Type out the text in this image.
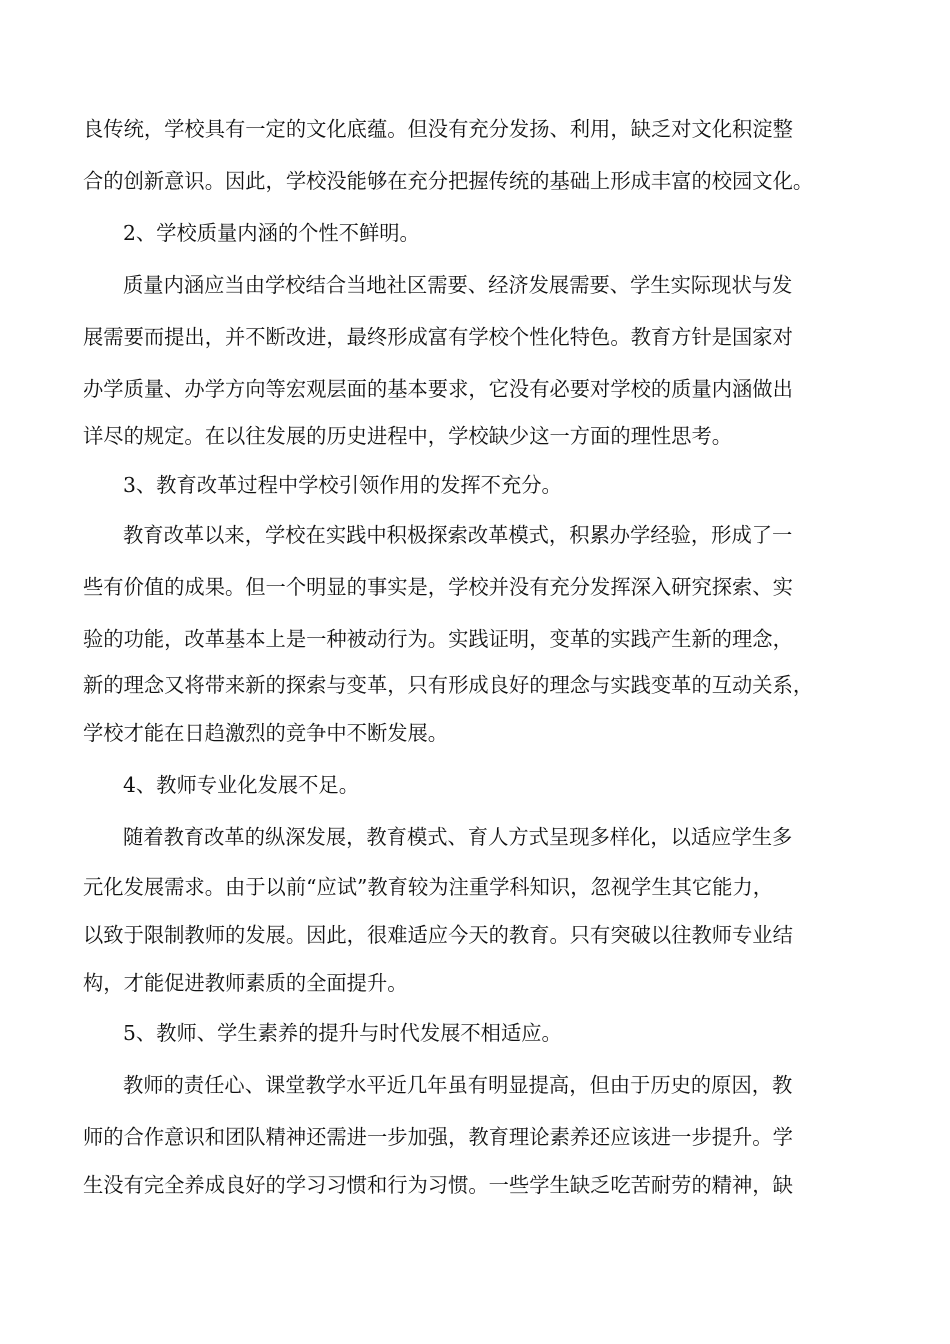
良传统，学校具有一定的文化底蕴。但没有充分发扬、利用，缺乏对文化积淀整
合的创新意识。因此，学校没能够在充分把握传统的基础上形成丰富的校园文化。
2、学校质量内涵的个性不鲜明。
质量内涵应当由学校结合当地社区需要、经济发展需要、学生实际现状与发
展需要而提出，并不断改进，最终形成富有学校个性化特色。教育方针是国家对
办学质量、办学方向等宏观层面的基本要求，它没有必要对学校的质量内涵做出
详尽的规定。在以往发展的历史进程中，学校缺少这一方面的理性思考。
3、教育改革过程中学校引领作用的发挥不充分。
教育改革以来，学校在实践中积极探索改革模式，积累办学经验，形成了一
些有价值的成果。但一个明显的事实是，学校并没有充分发挥深入研究探索、实
验的功能，改革基本上是一种被动行为。实践证明，变革的实践产生新的理念，
新的理念又将带来新的探索与变革，只有形成良好的理念与实践变革的互动关系，
学校才能在日趋激烈的竞争中不断发展。
4、教师专业化发展不足。
随着教育改革的纵深发展，教育模式、育人方式呈现多样化，以适应学生多
元化发展需求。由于以前“应试”教育较为注重学科知识，忽视学生其它能力，
以致于限制教师的发展。因此，很难适应今天的教育。只有突破以往教师专业结
构，才能促进教师素质的全面提升。
5、教师、学生素养的提升与时代发展不相适应。
教师的责任心、课堂教学水平近几年虽有明显提高，但由于历史的原因，教
师的合作意识和团队精神还需进一步加强，教育理论素养还应该进一步提升。学
生没有完全养成良好的学习习惯和行为习惯。一些学生缺乏吃苦耐劳的精神，缺
